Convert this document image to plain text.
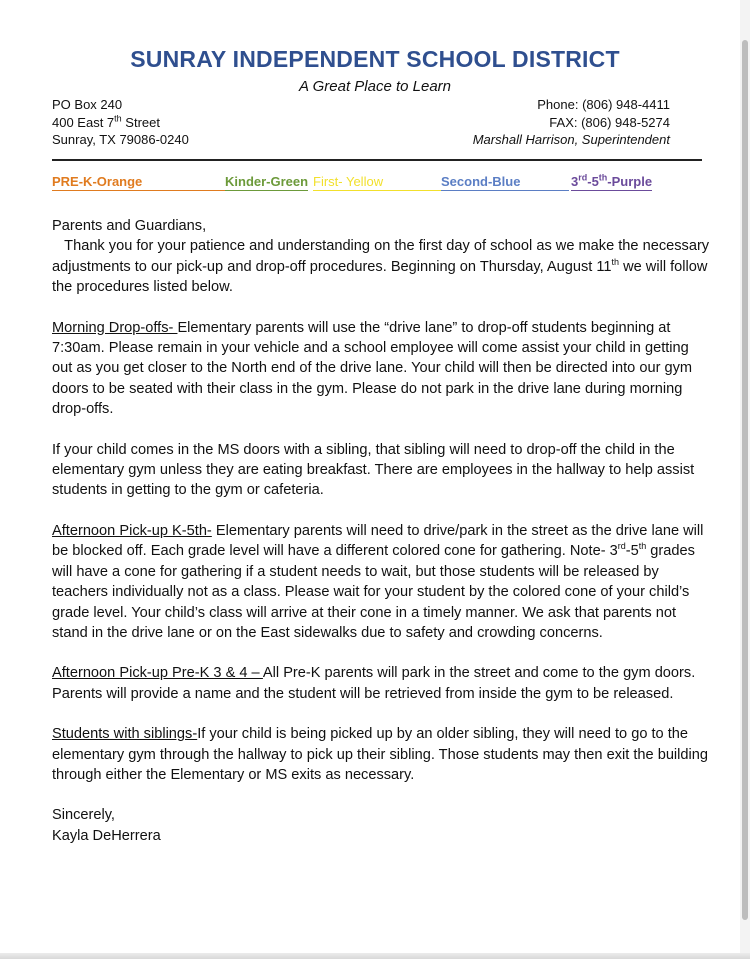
SUNRAY INDEPENDENT SCHOOL DISTRICT
A Great Place to Learn
PO Box 240
400 East 7th Street
Sunray, TX 79086-0240
Phone: (806) 948-4411
FAX: (806) 948-5274
Marshall Harrison, Superintendent
PRE-K-Orange	Kinder-Green First- Yellow	Second-Blue	3rd-5th-Purple

Parents and Guardians,

Thank you for your patience and understanding on the first day of school as we make the necessary adjustments to our pick-up and drop-off procedures. Beginning on Thursday, August 11th we will follow the procedures listed below.

Morning Drop-offs- Elementary parents will use the “drive lane” to drop-off students beginning at 7:30am. Please remain in your vehicle and a school employee will come assist your child in getting out as you get closer to the North end of the drive lane. Your child will then be directed into our gym doors to be seated with their class in the gym. Please do not park in the drive lane during morning drop-offs.

If your child comes in the MS doors with a sibling, that sibling will need to drop-off the child in the elementary gym unless they are eating breakfast. There are employees in the hallway to help assist students in getting to the gym or cafeteria.

Afternoon Pick-up K-5th- Elementary parents will need to drive/park in the street as the drive lane will be blocked off. Each grade level will have a different colored cone for gathering. Note- 3rd-5th grades will have a cone for gathering if a student needs to wait, but those students will be released by teachers individually not as a class. Please wait for your student by the colored cone of your child’s grade level. Your child’s class will arrive at their cone in a timely manner. We ask that parents not stand in the drive lane or on the East sidewalks due to safety and crowding concerns.

Afternoon Pick-up Pre-K 3 & 4 – All Pre-K parents will park in the street and come to the gym doors. Parents will provide a name and the student will be retrieved from inside the gym to be released.

Students with siblings-If your child is being picked up by an older sibling, they will need to go to the elementary gym through the hallway to pick up their sibling. Those students may then exit the building through either the Elementary or MS exits as necessary.

Sincerely,

Kayla DeHerrera
